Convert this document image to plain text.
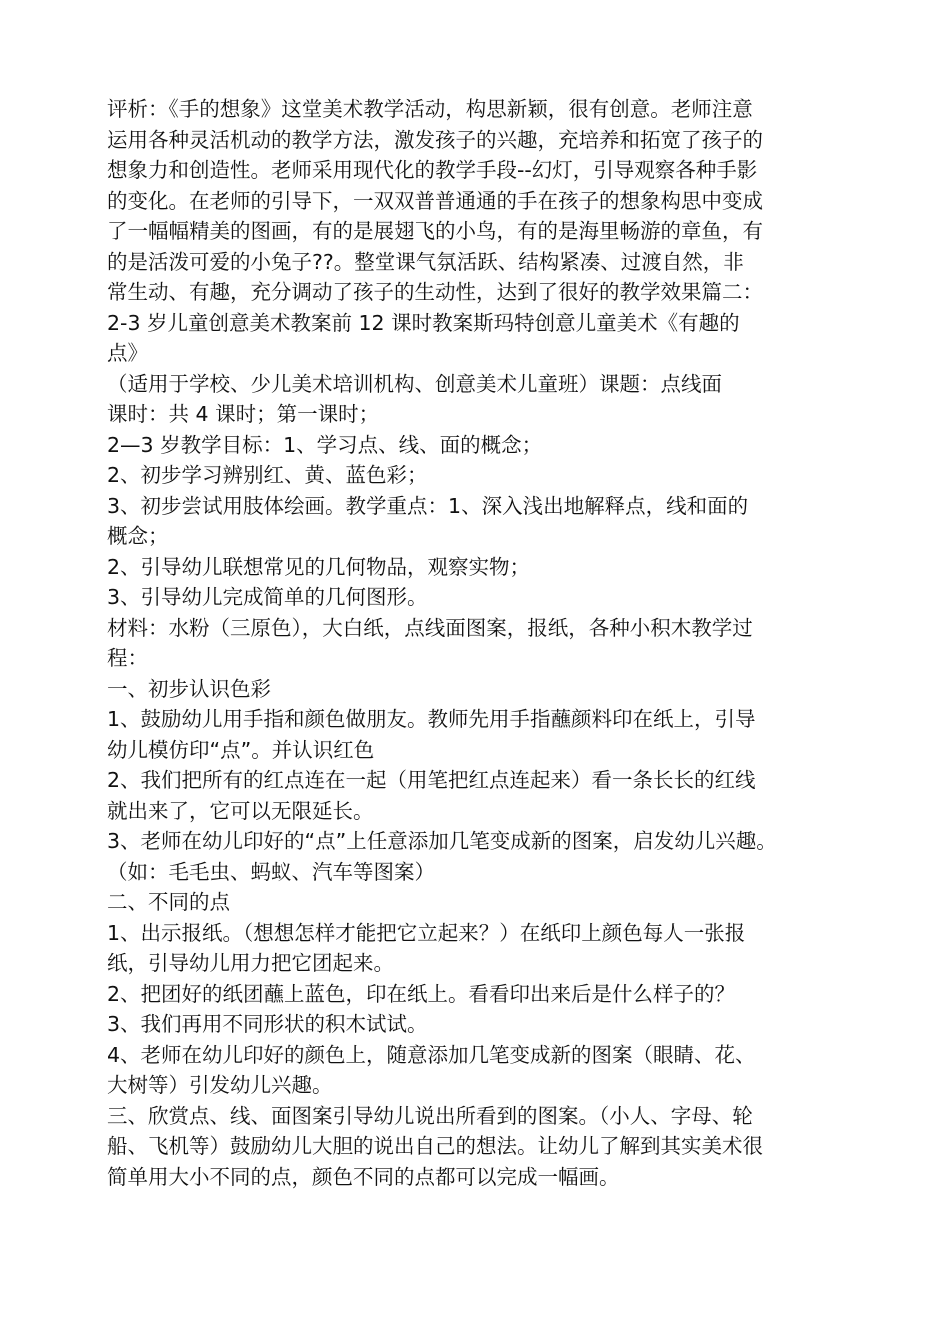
评析：《手的想象》这堂美术教学活动，构思新颖，很有创意。老师注意
运用各种灵活机动的教学方法，激发孩子的兴趣，充培养和拓宽了孩子的
想象力和创造性。老师采用现代化的教学手段--幻灯，引导观察各种手影
的变化。在老师的引导下，一双双普普通通的手在孩子的想象构思中变成
了一幅幅精美的图画，有的是展翅飞的小鸟，有的是海里畅游的章鱼，有
的是活泼可爱的小兔子??。整堂课气氛活跃、结构紧凑、过渡自然，非
常生动、有趣，充分调动了孩子的生动性，达到了很好的教学效果篇二：
2-3 岁儿童创意美术教案前 12 课时教案斯玛特创意儿童美术《有趣的
点》
（适用于学校、少儿美术培训机构、创意美术儿童班）课题：点线面
课时：共 4 课时；第一课时；
2—3 岁教学目标：1、学习点、线、面的概念；
2、初步学习辨别红、黄、蓝色彩；
3、初步尝试用肢体绘画。教学重点：1、深入浅出地解释点，线和面的
概念；
2、引导幼儿联想常见的几何物品，观察实物；
3、引导幼儿完成简单的几何图形。
材料：水粉（三原色），大白纸，点线面图案，报纸，各种小积木教学过
程：
一、初步认识色彩
1、鼓励幼儿用手指和颜色做朋友。教师先用手指蘸颜料印在纸上，引导
幼儿模仿印“点”。并认识红色
2、我们把所有的红点连在一起（用笔把红点连起来）看一条长长的红线
就出来了，它可以无限延长。
3、老师在幼儿印好的“点”上任意添加几笔变成新的图案，启发幼儿兴趣。
（如：毛毛虫、蚂蚁、汽车等图案）
二、不同的点
1、出示报纸。（想想怎样才能把它立起来？）在纸印上颜色每人一张报
纸，引导幼儿用力把它团起来。
2、把团好的纸团蘸上蓝色，印在纸上。看看印出来后是什么样子的？
3、我们再用不同形状的积木试试。
4、老师在幼儿印好的颜色上，随意添加几笔变成新的图案（眼睛、花、
大树等）引发幼儿兴趣。
三、欣赏点、线、面图案引导幼儿说出所看到的图案。（小人、字母、轮
船、飞机等）鼓励幼儿大胆的说出自己的想法。让幼儿了解到其实美术很
简单用大小不同的点，颜色不同的点都可以完成一幅画。
